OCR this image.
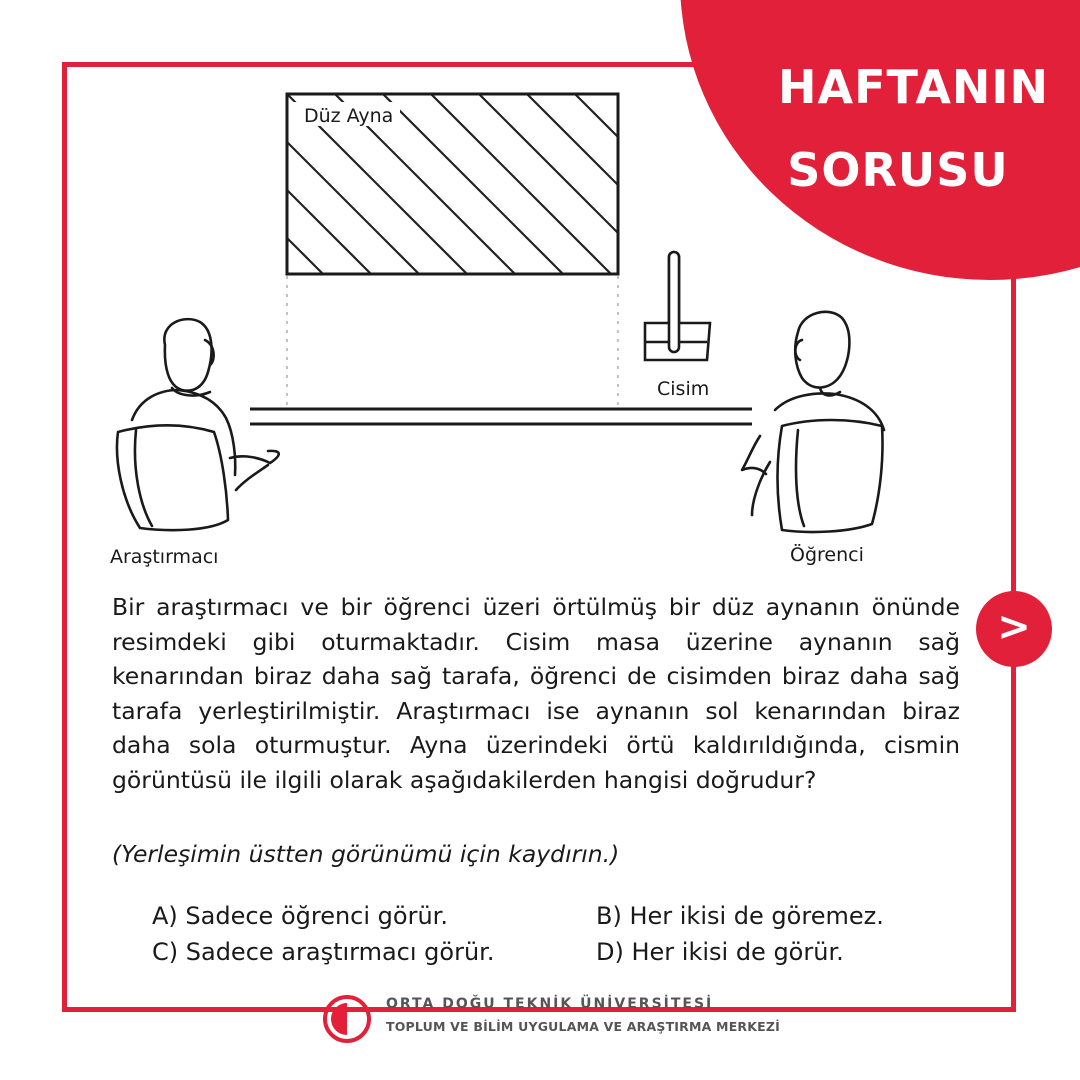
HAFTANIN
SORUSU
Düz Ayna
Cisim
Araştırmacı	Öğrenci

Bir araştırmacı ve bir öğrenci üzeri örtülmüş bir düz aynanın önünde resimdeki gibi oturmaktadır. Cisim masa üzerine aynanın sağ kenarından biraz daha sağ tarafa, öğrenci de cisimden biraz daha sağ tarafa yerleştirilmiştir. Araştırmacı ise aynanın sol kenarından biraz daha sola oturmuştur. Ayna üzerindeki örtü kaldırıldığında, cismin görüntüsü ile ilgili olarak aşağıdakilerden hangisi doğrudur?

(Yerleşimin üstten görünümü için kaydırın.)
A) Sadece öğrenci görür.	B) Her ikisi de göremez.
C) Sadece araştırmacı görür.	D) Her ikisi de görür.
>
ORTA DOĞU TEKNİK ÜNİVERSİTESİ
TOPLUM VE BİLİM UYGULAMA VE ARAŞTIRMA MERKEZİ
